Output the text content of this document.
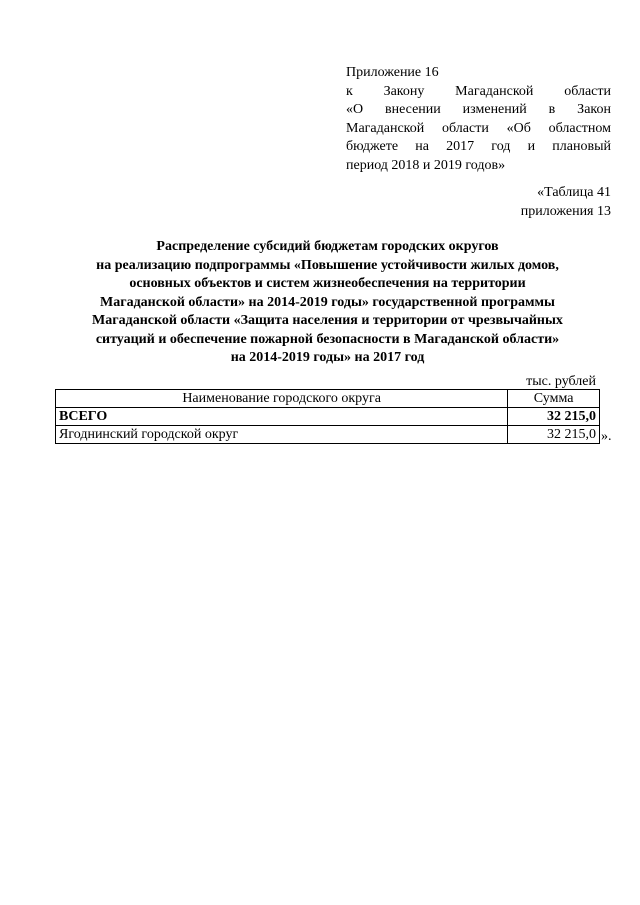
Приложение 16
к Закону Магаданской области
«О внесении изменений в Закон
Магаданской области «Об областном
бюджете на 2017 год и плановый
период 2018 и 2019 годов»
«Таблица 41
приложения 13
Распределение субсидий бюджетам городских округов
на реализацию подпрограммы «Повышение устойчивости жилых домов,
основных объектов и систем жизнеобеспечения на территории
Магаданской области» на 2014-2019 годы» государственной программы
Магаданской области «Защита населения и территории от чрезвычайных
ситуаций и обеспечение пожарной безопасности в Магаданской области»
на 2014-2019 годы» на 2017 год
тыс. рублей
Наименование городского округа	Сумма
ВСЕГО	32 215,0
Ягоднинский городской округ	32 215,0 ».
